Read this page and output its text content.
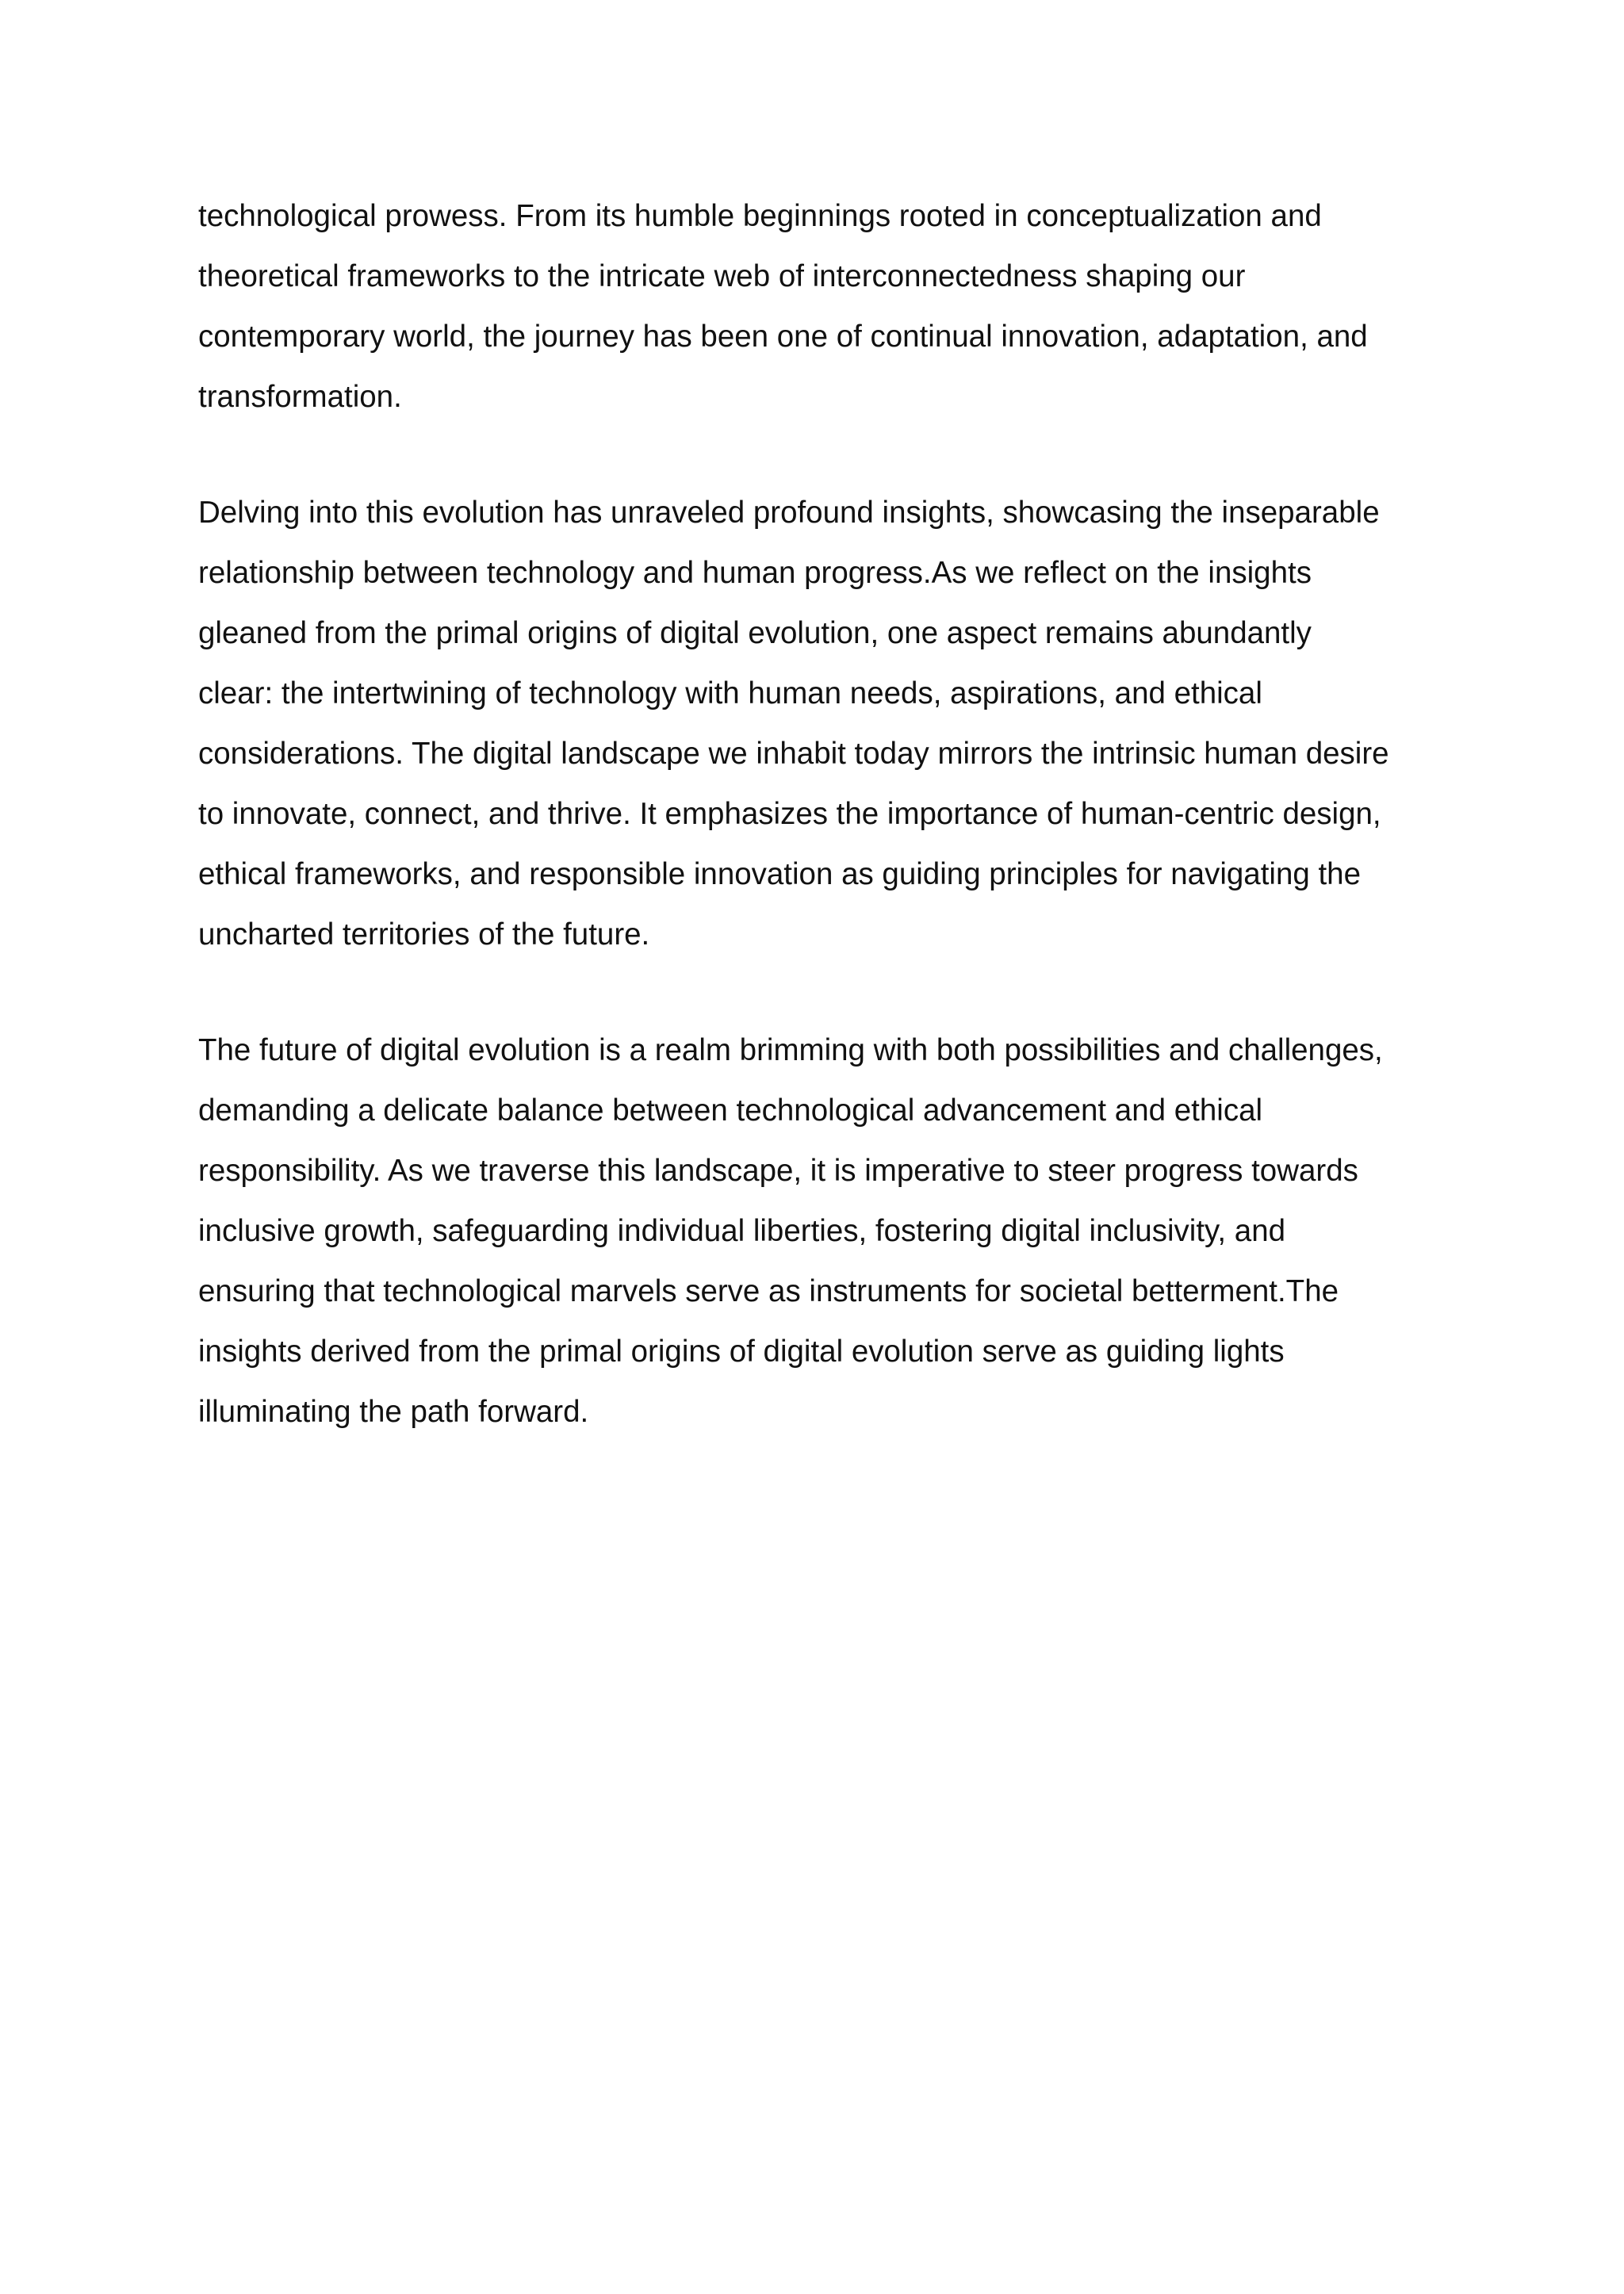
technological prowess. From its humble beginnings rooted in conceptualization and
theoretical frameworks to the intricate web of interconnectedness shaping our
contemporary world, the journey has been one of continual innovation, adaptation, and
transformation.

Delving into this evolution has unraveled profound insights, showcasing the inseparable
relationship between technology and human progress.As we reflect on the insights
gleaned from the primal origins of digital evolution, one aspect remains abundantly
clear: the intertwining of technology with human needs, aspirations, and ethical
considerations. The digital landscape we inhabit today mirrors the intrinsic human desire
to innovate, connect, and thrive. It emphasizes the importance of human-centric design,
ethical frameworks, and responsible innovation as guiding principles for navigating the
uncharted territories of the future.

The future of digital evolution is a realm brimming with both possibilities and challenges,
demanding a delicate balance between technological advancement and ethical
responsibility. As we traverse this landscape, it is imperative to steer progress towards
inclusive growth, safeguarding individual liberties, fostering digital inclusivity, and
ensuring that technological marvels serve as instruments for societal betterment.The
insights derived from the primal origins of digital evolution serve as guiding lights
illuminating the path forward.
